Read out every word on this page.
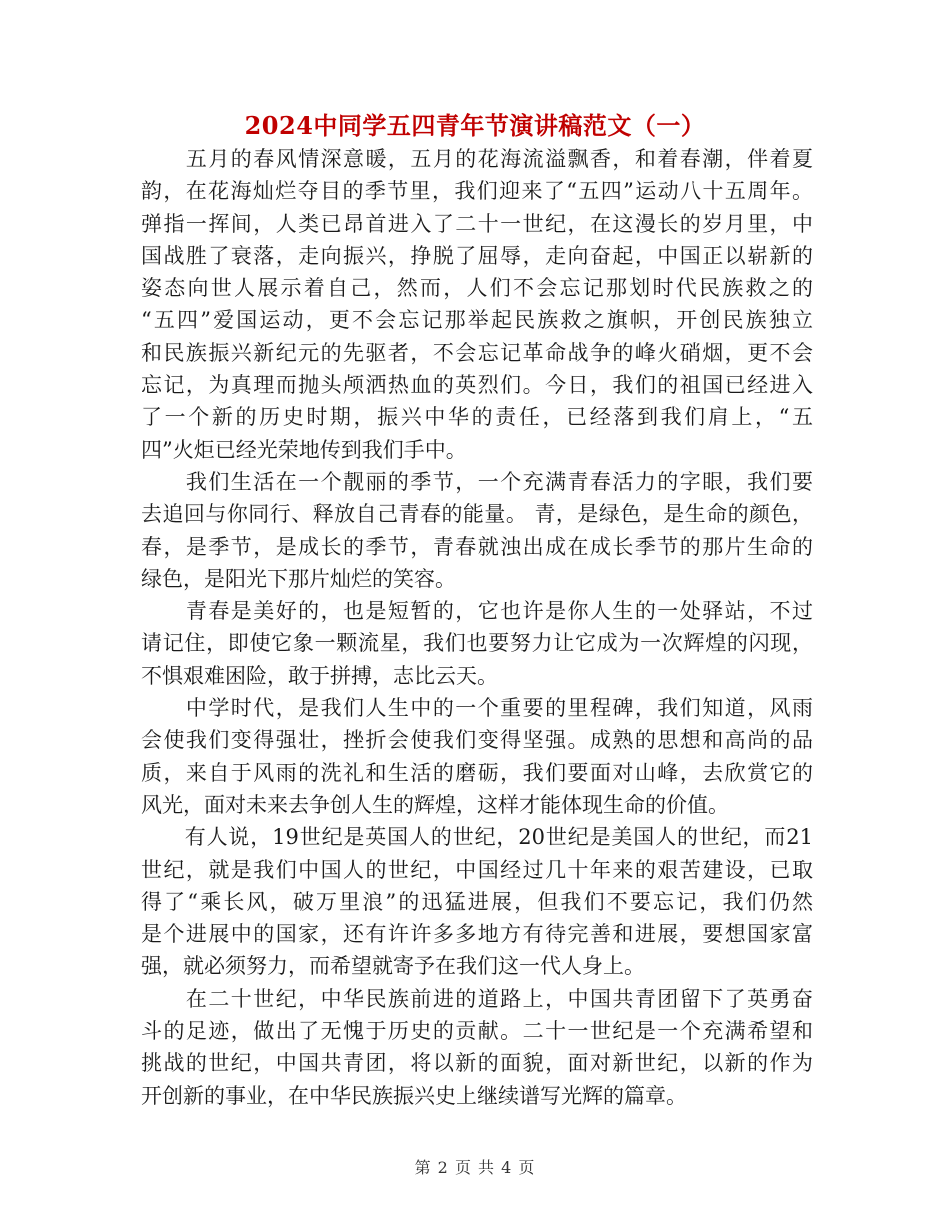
2024中同学五四青年节演讲稿范文（一）
　　五月的春风情深意暖，五月的花海流溢飘香，和着春潮，伴着夏
韵，在花海灿烂夺目的季节里，我们迎来了“五四”运动八十五周年。
弹指一挥间，人类已昂首进入了二十一世纪，在这漫长的岁月里，中
国战胜了衰落，走向振兴，挣脱了屈辱，走向奋起，中国正以崭新的
姿态向世人展示着自己，然而，人们不会忘记那划时代民族救之的
“五四”爱国运动，更不会忘记那举起民族救之旗帜，开创民族独立
和民族振兴新纪元的先驱者，不会忘记革命战争的峰火硝烟，更不会
忘记，为真理而抛头颅洒热血的英烈们。今日，我们的祖国已经进入
了一个新的历史时期，振兴中华的责任，已经落到我们肩上，“五
四”火炬已经光荣地传到我们手中。
　　我们生活在一个靓丽的季节，一个充满青春活力的字眼，我们要
去追回与你同行、释放自己青春的能量。 青，是绿色，是生命的颜色，
春，是季节，是成长的季节，青春就浊出成在成长季节的那片生命的
绿色，是阳光下那片灿烂的笑容。
　　青春是美好的，也是短暂的，它也许是你人生的一处驿站，不过
请记住，即使它象一颗流星，我们也要努力让它成为一次辉煌的闪现，
不惧艰难困险，敢于拼搏，志比云天。
　　中学时代，是我们人生中的一个重要的里程碑，我们知道，风雨
会使我们变得强壮，挫折会使我们变得坚强。成熟的思想和高尚的品
质，来自于风雨的洗礼和生活的磨砺，我们要面对山峰，去欣赏它的
风光，面对未来去争创人生的辉煌，这样才能体现生命的价值。
　　有人说，19世纪是英国人的世纪，20世纪是美国人的世纪，而21
世纪，就是我们中国人的世纪，中国经过几十年来的艰苦建设，已取
得了“乘长风，破万里浪”的迅猛进展，但我们不要忘记，我们仍然
是个进展中的国家，还有许许多多地方有待完善和进展，要想国家富
强，就必须努力，而希望就寄予在我们这一代人身上。
　　在二十世纪，中华民族前进的道路上，中国共青团留下了英勇奋
斗的足迹，做出了无愧于历史的贡献。二十一世纪是一个充满希望和
挑战的世纪，中国共青团，将以新的面貌，面对新世纪，以新的作为
开创新的事业，在中华民族振兴史上继续谱写光辉的篇章。
第 2 页 共 4 页
